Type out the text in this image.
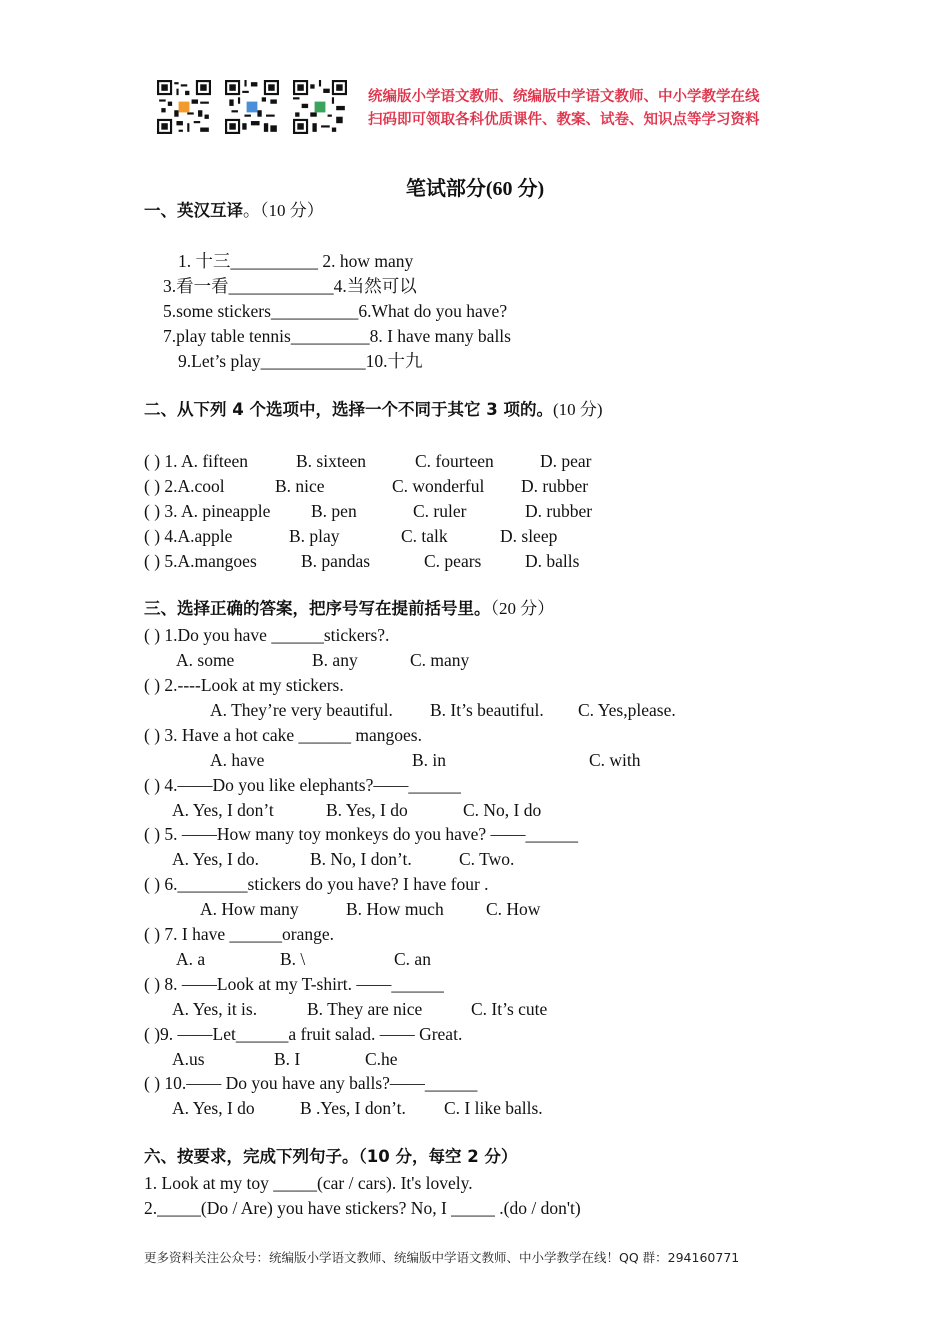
统编版小学语文教师、统编版中学语文教师、中小学教学在线
扫码即可领取各科优质课件、教案、试卷、知识点等学习资料
笔试部分(60 分)
一、英汉互译。（10 分）
1. 十三__________ 2. how many
3.看一看____________4.当然可以
5.some stickers__________6.What do you have?
7.play table tennis_________8. I have many balls
9.Let’s play____________10.十九
二、从下列 4 个选项中，选择一个不同于其它 3 项的。(10 分)
( ) 1. A. fifteen	B. sixteen	C. fourteen	D. pear
( ) 2.A.cool	B. nice	C. wonderful D. rubber
( ) 3. A. pineapple B. pen	C. ruler	D. rubber
( ) 4.A.apple	B. play	C. talk	D. sleep
( ) 5.A.mangoes	B. pandas	C. pears D. balls
三、选择正确的答案，把序号写在提前括号里。（20 分）
( ) 1.Do you have ______stickers?.
A. some	B. any	C. many
( ) 2.----Look at my stickers.
A. They’re very beautiful. B. It’s beautiful. C. Yes,please.
( ) 3. Have a hot cake ______ mangoes.
A. have	B. in	C. with
( ) 4.——Do you like elephants?——______
A. Yes, I don’t	B. Yes, I do	C. No, I do
( ) 5. ——How many toy monkeys do you have? ——______
A. Yes, I do.	B. No, I don’t.	C. Two.
( ) 6.________stickers do you have? I have four .
A. How many	B. How much C. How
( ) 7. I have ______orange.
A. a	B. \	C. an
( ) 8. ——Look at my T-shirt. ——______
A. Yes, it is.	B. They are nice	C. It’s cute
( )9. ——Let______a fruit salad. —— Great.
A.us	B. I	C.he
( ) 10.—— Do you have any balls?——______
A. Yes, I do	B .Yes, I don’t. C. I like balls.
六、按要求，完成下列句子。（10 分，每空 2 分）
1. Look at my toy _____(car / cars). It's lovely.
2._____(Do / Are) you have stickers? No, I _____ .(do / don't)
更多资料关注公众号：统编版小学语文教师、统编版中学语文教师、中小学教学在线！QQ 群：294160771
